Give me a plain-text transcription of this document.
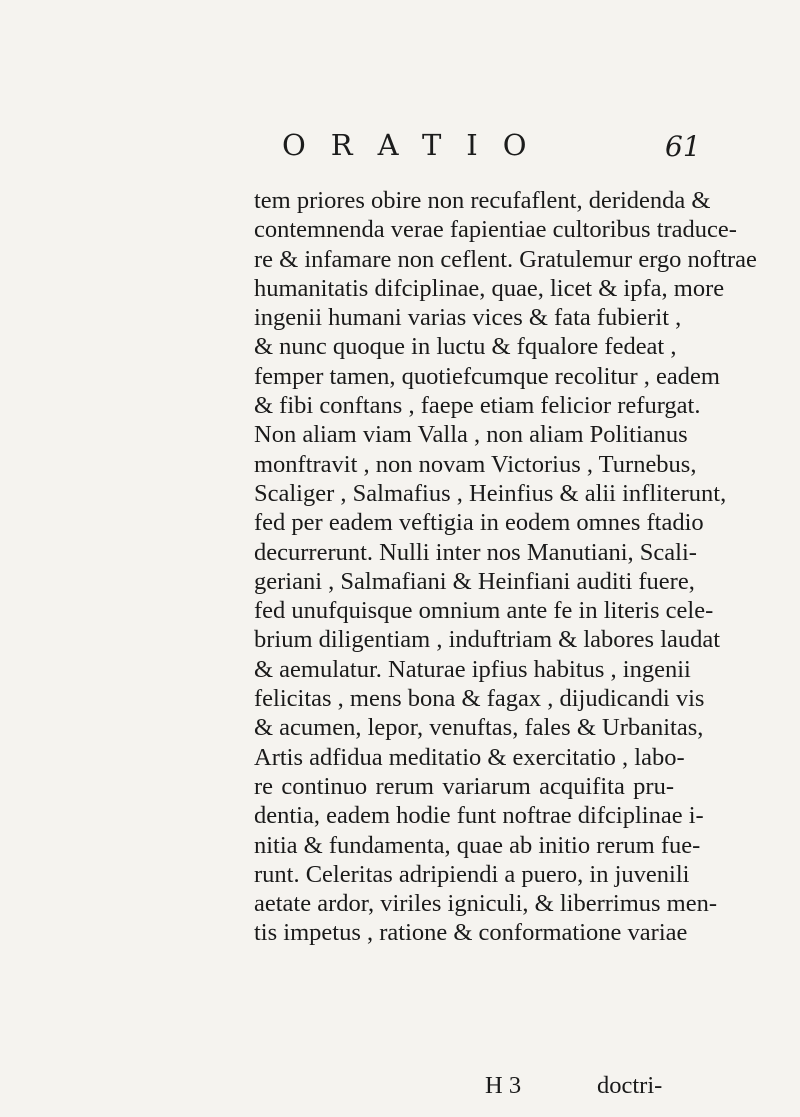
ORATIO	61
tem priores obire non recufaflent, deridenda &
contemnenda verae fapientiae cultoribus traduce-
re & infamare non ceflent. Gratulemur ergo noftrae
humanitatis difciplinae, quae, licet & ipfa, more
ingenii humani varias vices & fata fubierit ,
& nunc quoque in luctu & fqualore fedeat ,
femper tamen, quotiefcumque recolitur , eadem
& fibi conftans , faepe etiam felicior refurgat.
Non aliam viam Valla , non aliam Politianus
monftravit , non novam Victorius , Turnebus,
Scaliger , Salmafius , Heinfius & alii infliterunt,
fed per eadem veftigia in eodem omnes ftadio
decurrerunt. Nulli inter nos Manutiani, Scali-
geriani , Salmafiani & Heinfiani auditi fuere,
fed unufquisque omnium ante fe in literis cele-
brium diligentiam , induftriam & labores laudat
& aemulatur. Naturae ipfius habitus , ingenii
felicitas , mens bona & fagax , dijudicandi vis
& acumen, lepor, venuftas, fales & Urbanitas,
Artis adfidua meditatio & exercitatio , labo-
re continuo rerum variarum acquifita pru-
dentia, eadem hodie funt noftrae difciplinae i-
nitia & fundamenta, quae ab initio rerum fue-
runt. Celeritas adripiendi a puero, in juvenili
aetate ardor, viriles igniculi, & liberrimus men-
tis impetus , ratione & conformatione variae
H 3	doctri-
